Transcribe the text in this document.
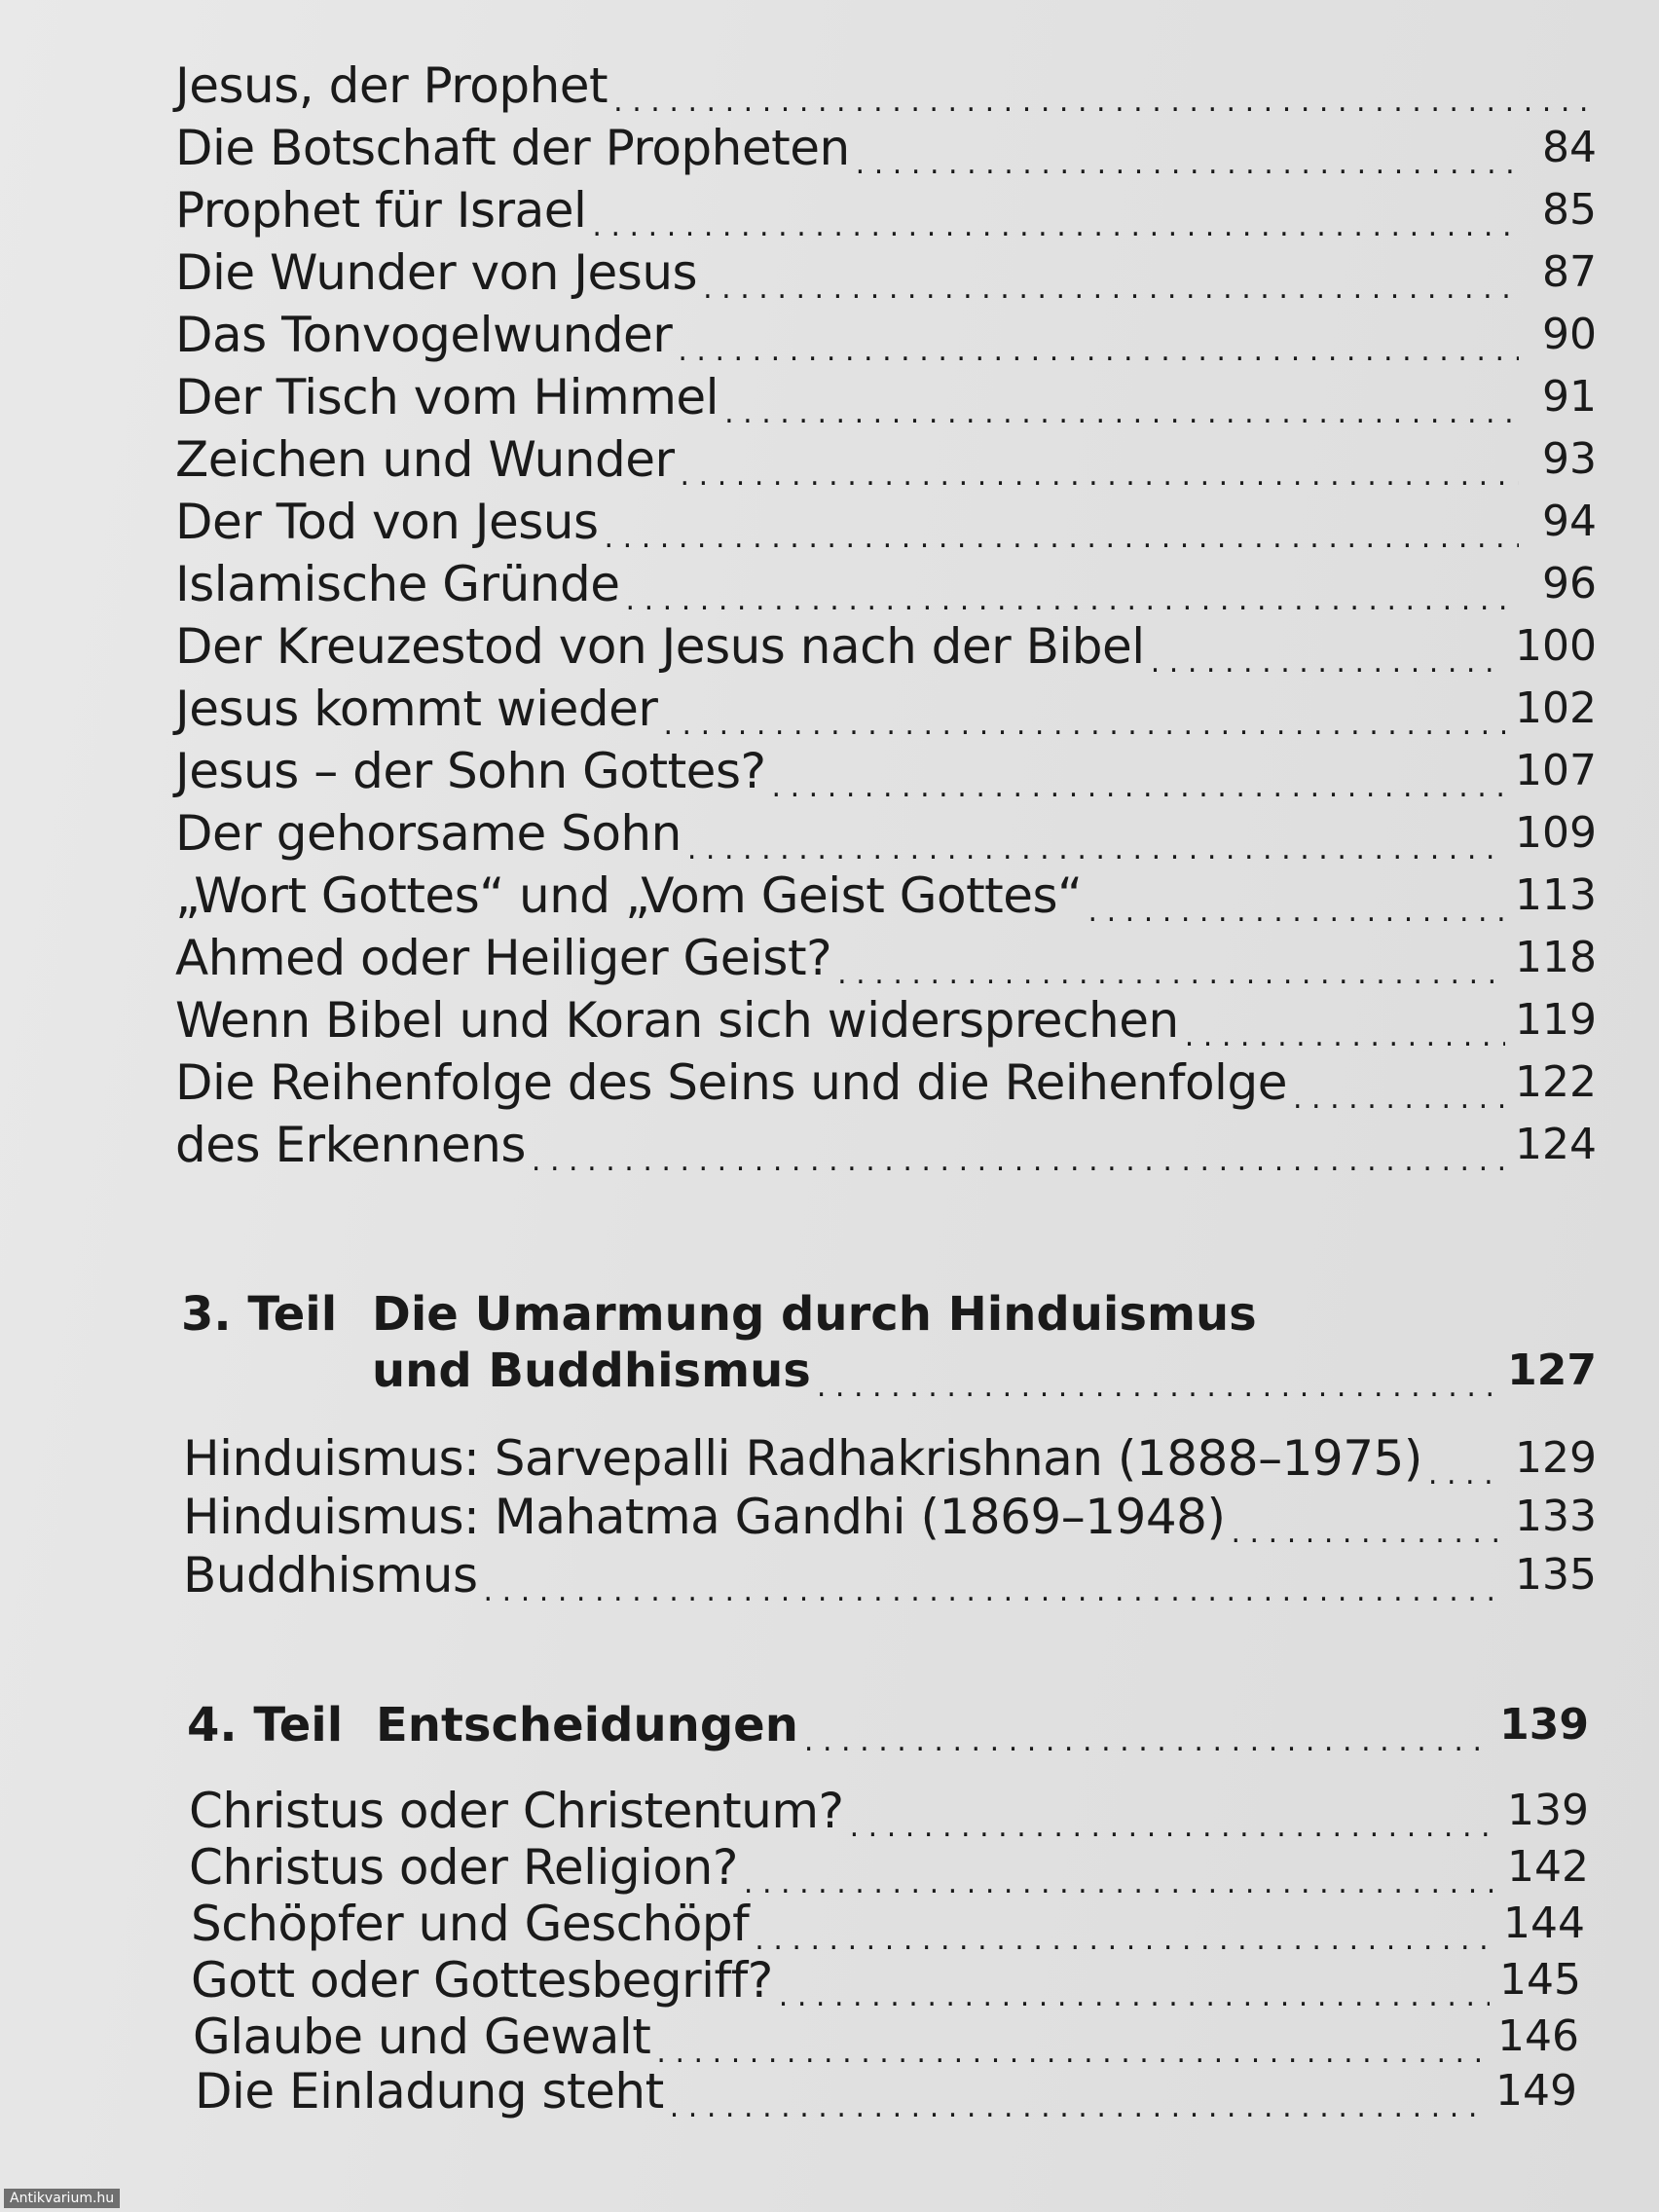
Jesus, der Prophet
. . .
Die Botschaft der Propheten . . .	84
Prophet für Israel . . .	85
Die Wunder von Jesus . . .	87
Das Tonvogelwunder . . .	90
Der Tisch vom Himmel . . .	91
Zeichen und Wunder . . .	93
Der Tod von Jesus . . .	94
Islamische Gründe . . .	96
Der Kreuzestod von Jesus nach der Bibel . . .	100
Jesus kommt wieder . . .	102
Jesus – der Sohn Gottes? . . .	107
Der gehorsame Sohn . . .	109
„Wort Gottes“ und „Vom Geist Gottes“ . . .	113
Ahmed oder Heiliger Geist? . . .	118
Wenn Bibel und Koran sich widersprechen . . .	119
Die Reihenfolge des Seins und die Reihenfolge . . .	122
des Erkennens . . .	124
3. Teil Die Umarmung durch Hinduismus
und Buddhismus . . .	127
Hinduismus: Sarvepalli Radhakrishnan (1888–1975) . . . 129
Hinduismus: Mahatma Gandhi (1869–1948) . . .	133
Buddhismus . . .	135
4. Teil Entscheidungen . . .	139
Christus oder Christentum? . . .	139
Christus oder Religion? . . .	142
Schöpfer und Geschöpf . . .	144
Gott oder Gottesbegriff? . . .	145
Glaube und Gewalt . . .	146
Die Einladung steht . . .	149
Antikvarium.hu
